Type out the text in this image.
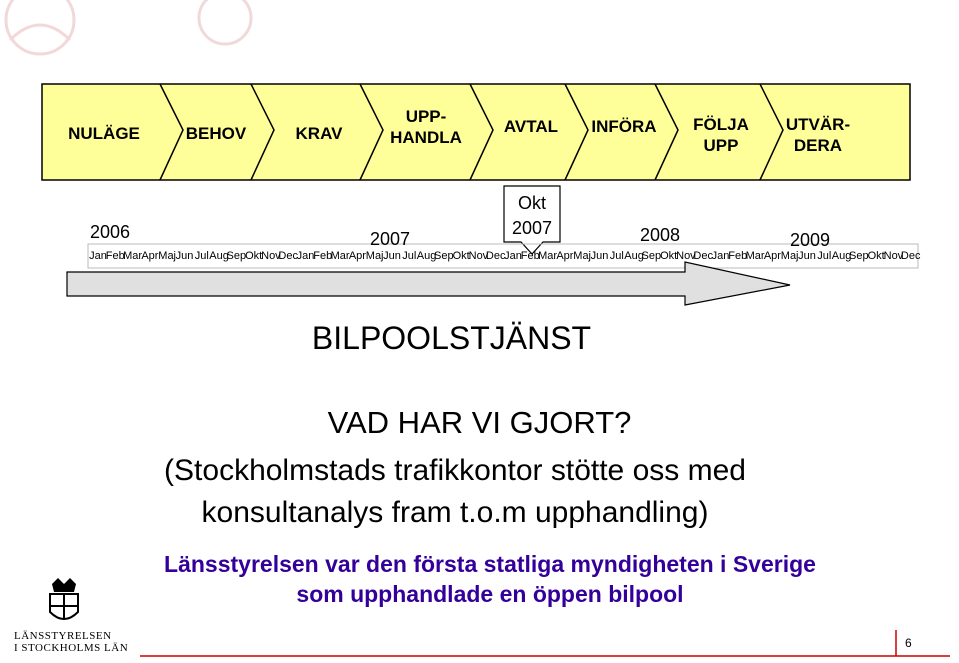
NULÄGE	BEHOV	KRAV
UPP-
HANDLA
AVTAL	INFÖRA	FÖLJA
UPP
UTVÄR-
DERA
2006	2007	2008	2009
Okt
2007
Jan
Feb
Mar Apr Maj Jun Jul Aug
Sep
Okt
Nov
Dec
Jan
Feb
Mar Apr Maj Jun Jul Aug
Sep
Okt
Nov
Dec
Jan
Feb
Mar Apr Maj Jun Jul Aug
Sep
Okt
Nov
Dec
Jan
Feb
Mar Apr Maj Jun Jul Aug
Sep
Okt
Nov
Dec
BILPOOLSTJÄNST
VAD HAR VI GJORT?
(Stockholmstads trafikkontor stötte oss med konsultanalys fram t.o.m upphandling)
Länsstyrelsen var den första statliga myndigheten i Sverige som upphandlade en öppen bilpool
LÄNSSTYRELSEN
I STOCKHOLMS LÄN	6
